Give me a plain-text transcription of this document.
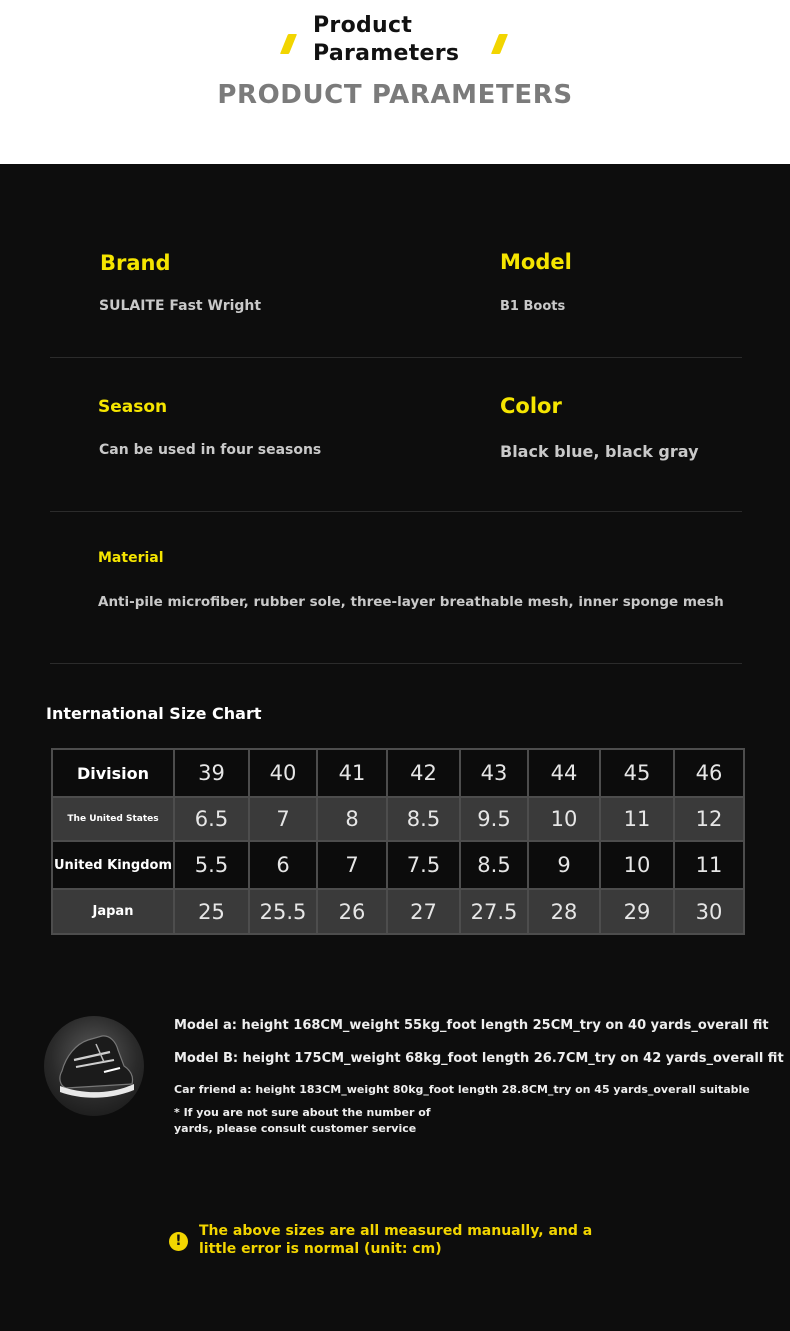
Product
Parameters
PRODUCT PARAMETERS
Brand
SULAITE Fast Wright
Model
B1 Boots
Season
Can be used in four seasons
Color
Black blue, black gray
Material
Anti-pile microfiber, rubber sole, three-layer breathable mesh, inner sponge mesh
International Size Chart
Division	39	40	41	42	43	44	45	46
The United States	6.5	7	8	8.5	9.5	10	11	12
United Kingdom	5.5	6	7	7.5	8.5	9	10	11
Japan	25	25.5	26	27	27.5	28	29	30
Model a: height 168CM_weight 55kg_foot length 25CM_try on 40 yards_overall fit
Model B: height 175CM_weight 68kg_foot length 26.7CM_try on 42 yards_overall fit
Car friend a: height 183CM_weight 80kg_foot length 28.8CM_try on 45 yards_overall suitable
* If you are not sure about the number of
yards, please consult customer service
!
The above sizes are all measured manually, and a little error is normal (unit: cm)
